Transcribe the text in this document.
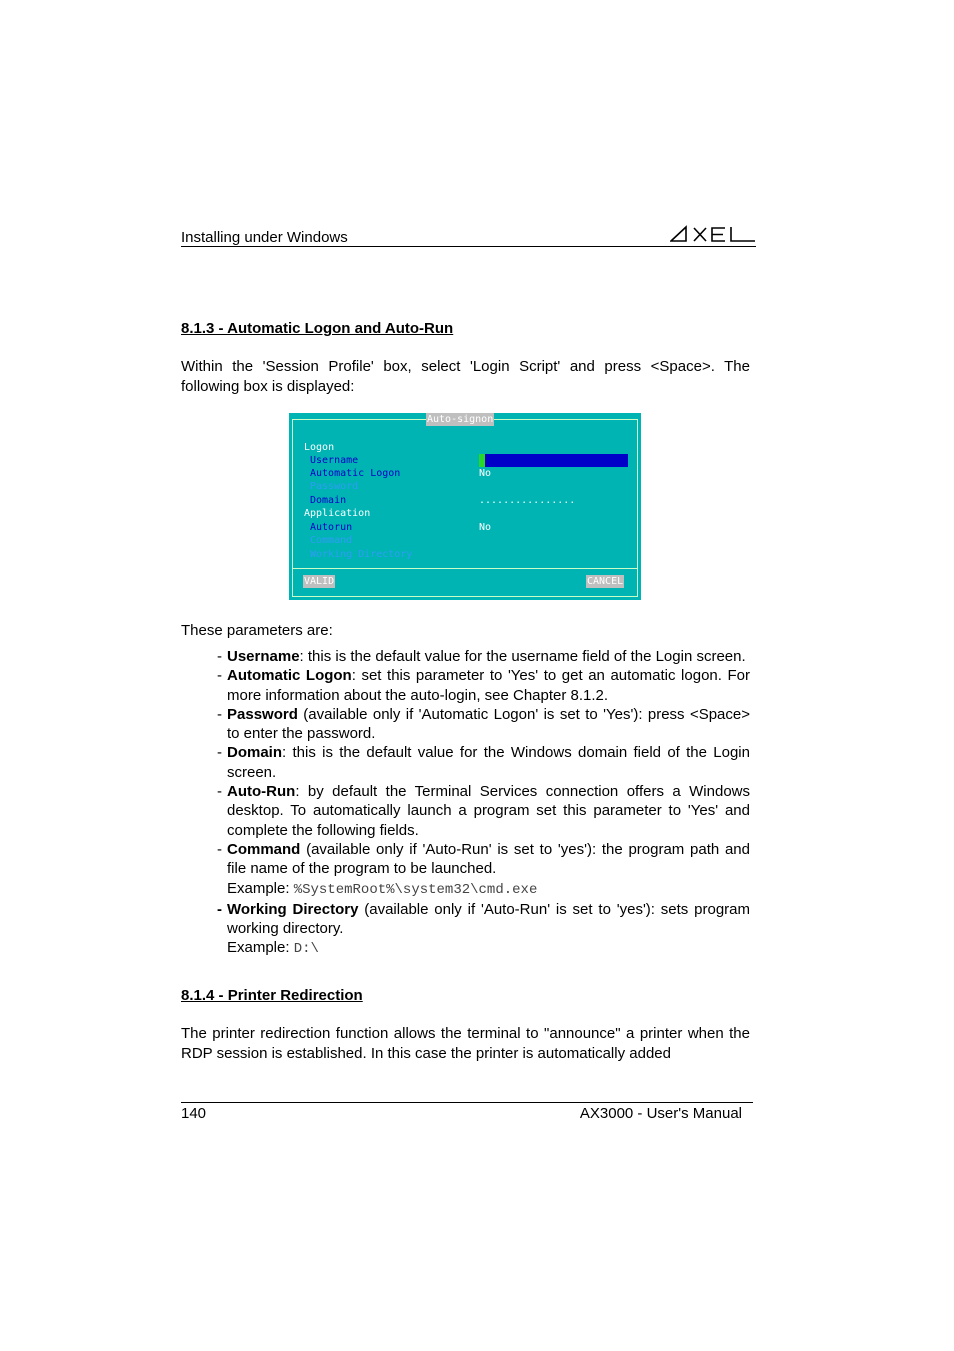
Installing under Windows
8.1.3 - Automatic Logon and Auto-Run

Within the 'Session Profile' box, select 'Login Script' and press <Space>. The following box is displayed:

Auto-signon
Logon
Username
Automatic Logon	No
Password
Domain	................
Application
Autorun	No
Command
Working Directory
VALID	CANCEL

These parameters are:

- Username: this is the default value for the username field of the Login screen.
- Automatic Logon: set this parameter to 'Yes' to get an automatic logon. For more information about the auto-login, see Chapter 8.1.2.
- Password (available only if 'Automatic Logon' is set to 'Yes'): press <Space> to enter the password.
- Domain: this is the default value for the Windows domain field of the Login screen.
- Auto-Run: by default the Terminal Services connection offers a Windows desktop. To automatically launch a program set this parameter to 'Yes' and complete the following fields.
- Command (available only if 'Auto-Run' is set to 'yes'): the program path and file name of the program to be launched.
Example: %SystemRoot%\system32\cmd.exe
- Working Directory (available only if 'Auto-Run' is set to 'yes'): sets program working directory.
Example: D:\
8.1.4 - Printer Redirection

The printer redirection function allows the terminal to "announce" a printer when the RDP session is established. In this case the printer is automatically added

140	AX3000 - User's Manual
